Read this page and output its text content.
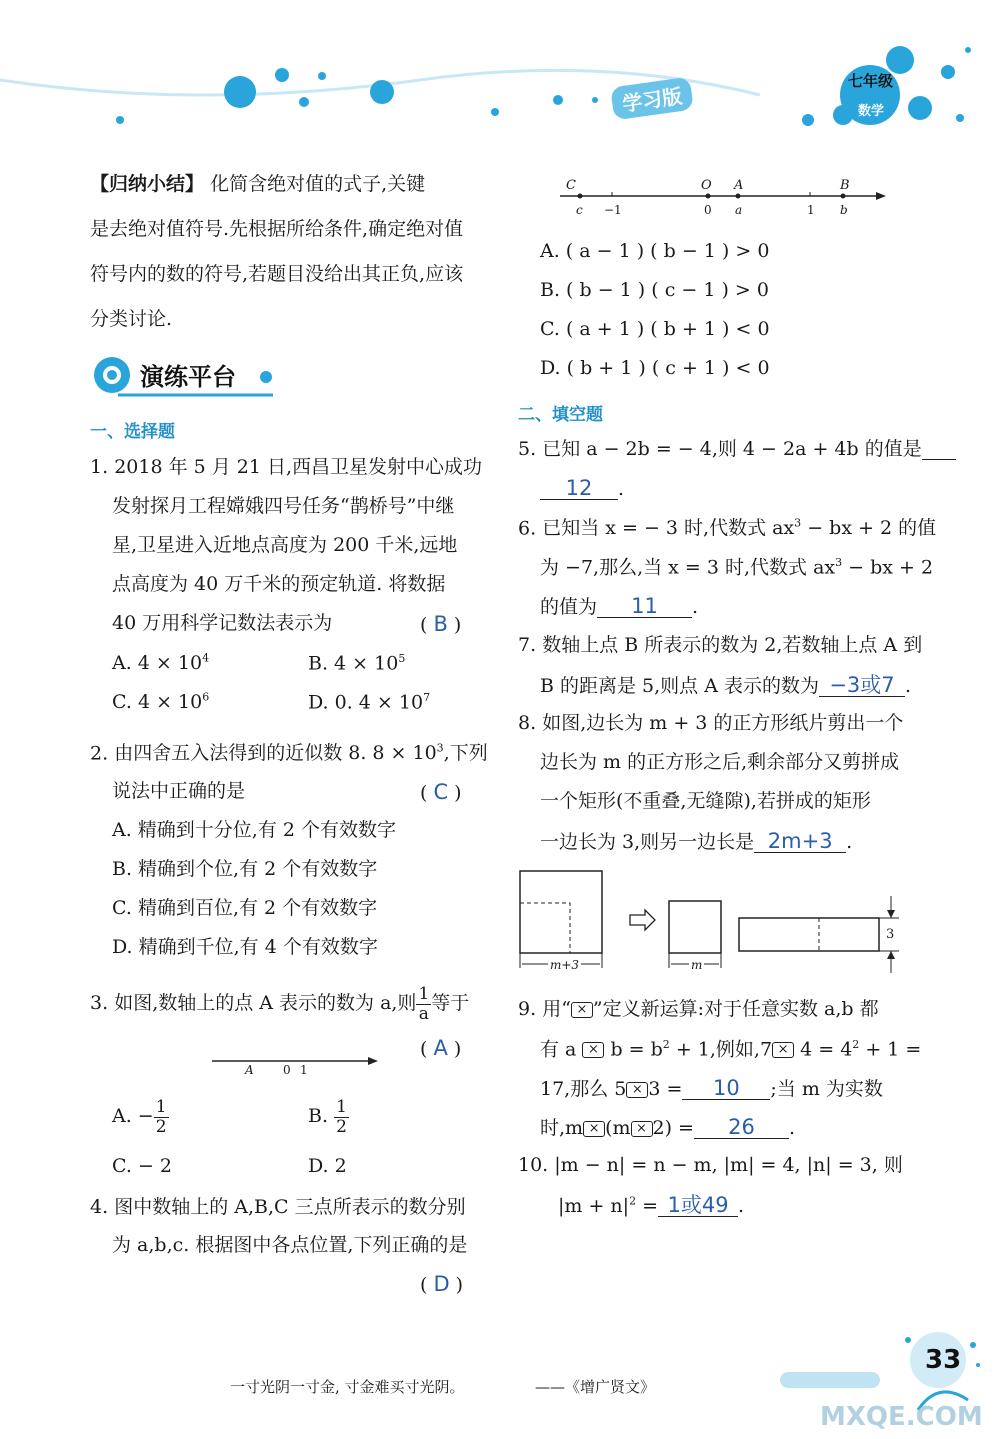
学习版
七年级
数学
【归纳小结】 化简含绝对值的式子,关键
是去绝对值符号.先根据所给条件,确定绝对值
符号内的数的符号,若题目没给出其正负,应该
分类讨论.
演练平台
一、选择题
1. 2018 年 5 月 21 日,西昌卫星发射中心成功
发射探月工程嫦娥四号任务“鹊桥号”中继
星,卫星进入近地点高度为 200 千米,远地
点高度为 40 万千米的预定轨道. 将数据
40 万用科学记数法表示为	( B )
A. $4 \times 10^4$	B. $4 \times 10^5$
C. $4 \times 10^6$	D. 0. $4 \times 10^7$
2. 由四舍五入法得到的近似数 8. $8 \times 10^3$,下列
说法中正确的是	( C )
A. 精确到十分位,有 2 个有效数字
B. 精确到个位,有 2 个有效数字
C. 精确到百位,有 2 个有效数字
D. 精确到千位,有 4 个有效数字
3. 如图,数轴上的点 A 表示的数为 a,则 $\frac{1}{a}$ 等于
( A )
A 0 1
A. − $\frac{1}{2}$	B. $\frac{1}{2}$
C. − 2	D. 2
4. 图中数轴上的 A,B,C 三点所表示的数分别
为 a,b,c. 根据图中各点位置,下列正确的是
( D )
C	O A	B
c −1	0 a	1 b
A. ( a − 1 ) ( b − 1 ) > 0
B. ( b − 1 ) ( c − 1 ) > 0
C. ( a + 1 ) ( b + 1 ) < 0
D. ( b + 1 ) ( c + 1 ) < 0
二、填空题
5. 已知 a − 2b = − 4,则 4 − 2a + 4b 的值是
12 .
6. 已知当 x = − 3 时,代数式 $ax^3$ − bx + 2 的值
为 −7,那么,当 x = 3 时,代数式 $ax^3$ − bx + 2
的值为 11 .
7. 数轴上点 B 所表示的数为 2,若数轴上点 A 到
B 的距离是 5,则点 A 表示的数为 −3或7 .
8. 如图,边长为 m + 3 的正方形纸片剪出一个
边长为 m 的正方形之后,剩余部分又剪拼成
一个矩形(不重叠,无缝隙),若拼成的矩形
一边长为 3,则另一边长是 2m+3 .
m+3	m
3
9. 用“ × ”定义新运算:对于任意实数 a,b 都
有 $a \times b = b^2 + 1$,例如$,7 \times 4 = 4^2 + 1$ =
17,那么 5 × 3 = 10 ;当 m 为实数
时,m × (m × 2) = 26 .
10. |m − n| = n − m, |m| = 4, |n| = 3, 则
$|m + n|^2 = 1$或49 .
一寸光阴一寸金, 寸金难买寸光阴。	——《增广贤文》
33
MXQE.COM
